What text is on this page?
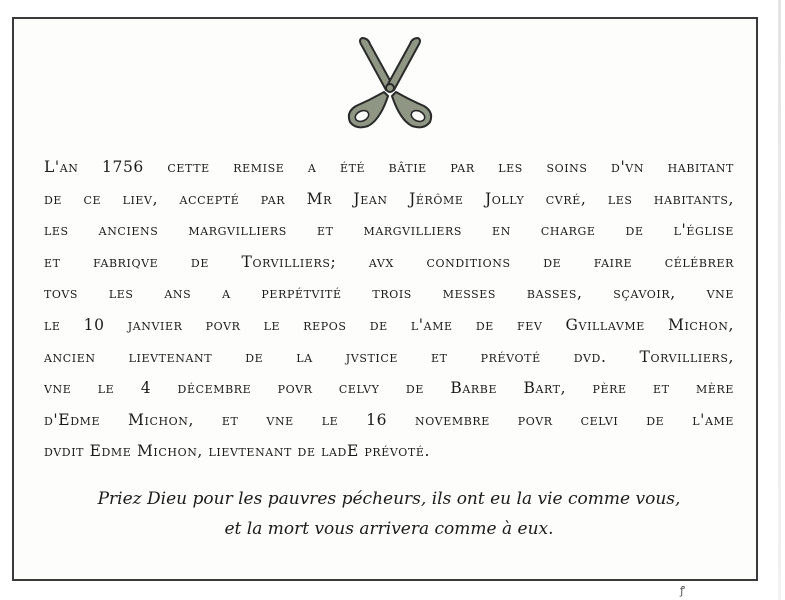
L'an 1756 cette remise a été bâtie par les soins d'vn habitant
de ce liev, accepté par Mr Jean Jérôme Jolly cvré, les habitants,
les anciens margvilliers et margvilliers en charge de l'église
et fabriqve de Torvilliers; avx conditions de faire célébrer
tovs les ans a perpétvité trois messes basses, sçavoir, vne
le 10 janvier povr le repos de l'ame de fev Gvillavme Michon,
ancien lievtenant de la jvstice et prévoté dvd. Torvilliers,
vne le 4 décembre povr celvy de Barbe Bart, père et mère
d'Edme Michon, et vne le 16 novembre povr celvi de l'ame
dvdit Edme Michon, lievtenant de ladE prévoté.
Priez Dieu pour les pauvres pécheurs, ils ont eu la vie comme vous,
et la mort vous arrivera comme à eux.
ꝭ
